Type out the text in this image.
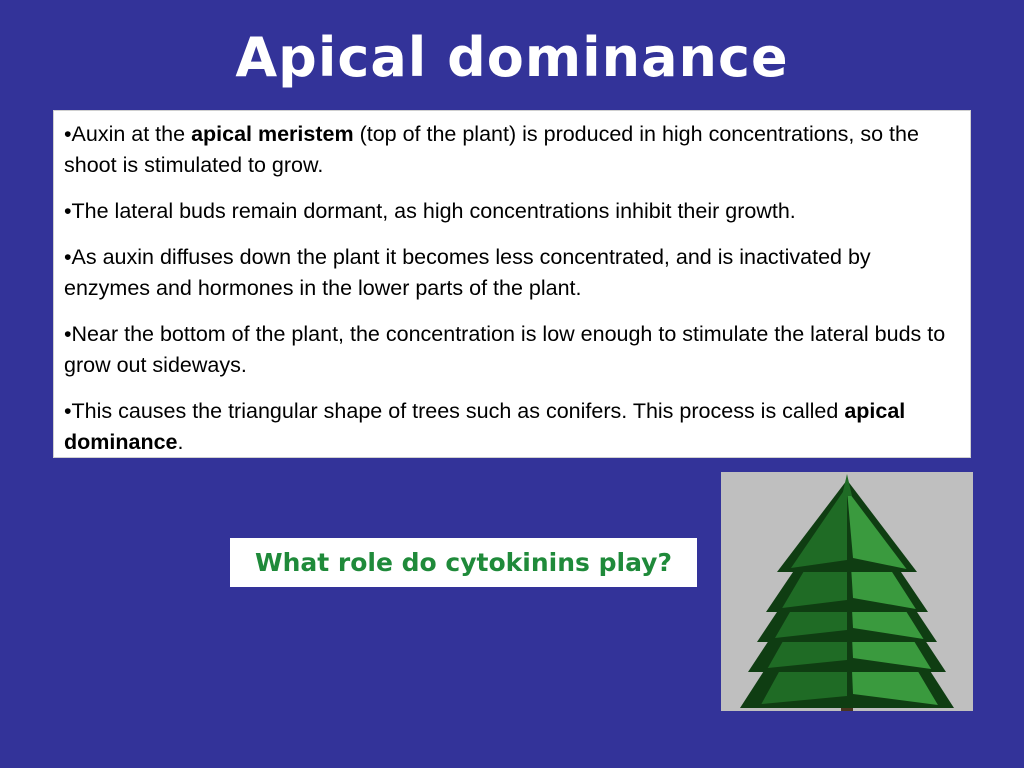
Apical dominance

•Auxin at the apical meristem (top of the plant) is produced in high concentrations, so the shoot is stimulated to grow.

•The lateral buds remain dormant, as high concentrations inhibit their growth.

•As auxin diffuses down the plant it becomes less concentrated, and is inactivated by enzymes and hormones in the lower parts of the plant.

•Near the bottom of the plant, the concentration is low enough to stimulate the lateral buds to grow out sideways.

•This causes the triangular shape of trees such as conifers. This process is called apical dominance.

What role do cytokinins play?
